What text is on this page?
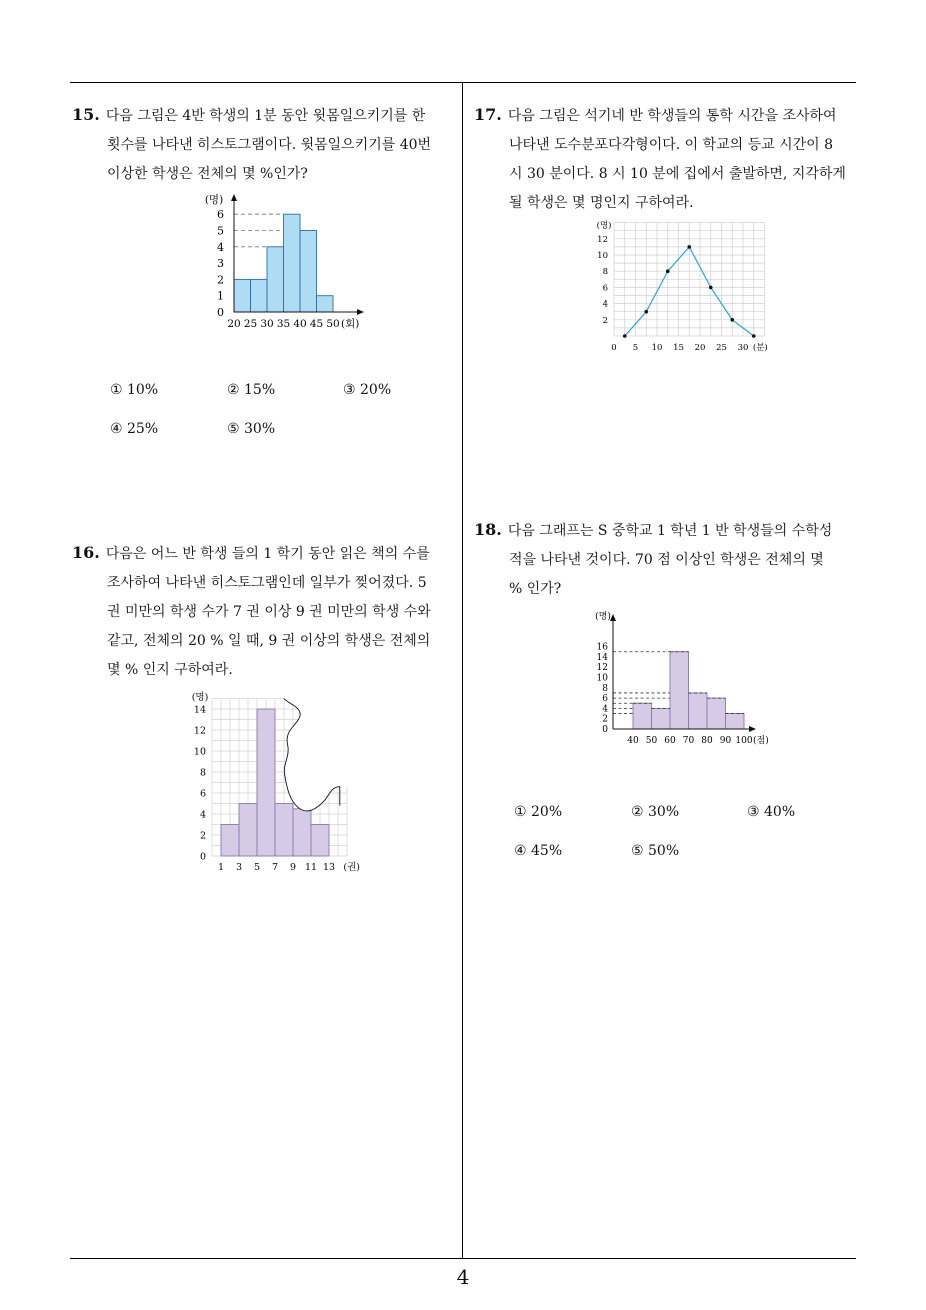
15. 다음 그림은 4반 학생의 1분 동안 윗몸일으키기를 한
횟수를 나타낸 히스토그램이다. 윗몸일으키기를 40번
이상한 학생은 전체의 몇 %인가?
0
1
2
3
4
5
6
20 25 30 35 40 45 50
(명)
(회)
① 10%	② 15%	③ 20%
④ 25%	⑤ 30%
16. 다음은 어느 반 학생 들의 1 학기 동안 읽은 책의 수를
조사하여 나타낸 히스토그램인데 일부가 찢어졌다. 5
권 미만의 학생 수가 7 권 이상 9 권 미만의 학생 수와
같고, 전체의 20 % 일 때, 9 권 이상의 학생은 전체의
몇 % 인지 구하여라.
0
2
4
6
8
10
12
14
1 3 5 7 9 11 13
(명)
(권)
17. 다음 그림은 석기네 반 학생들의 통학 시간을 조사하여
나타낸 도수분포다각형이다. 이 학교의 등교 시간이 8
시 30 분이다. 8 시 10 분에 집에서 출발하면, 지각하게
될 학생은 몇 명인지 구하여라.
2
4
6
8
10
12
0 5 10 15 20 25 30
(명)
(분)
18. 다음 그래프는 S 중학교 1 학년 1 반 학생들의 수학성
적을 나타낸 것이다. 70 점 이상인 학생은 전체의 몇
% 인가?
0
2
4
6
8
10
12
14
16
40 50 60 70 80 90 100
(명)
(점)
① 20%	② 30%	③ 40%
④ 45%	⑤ 50%
4
